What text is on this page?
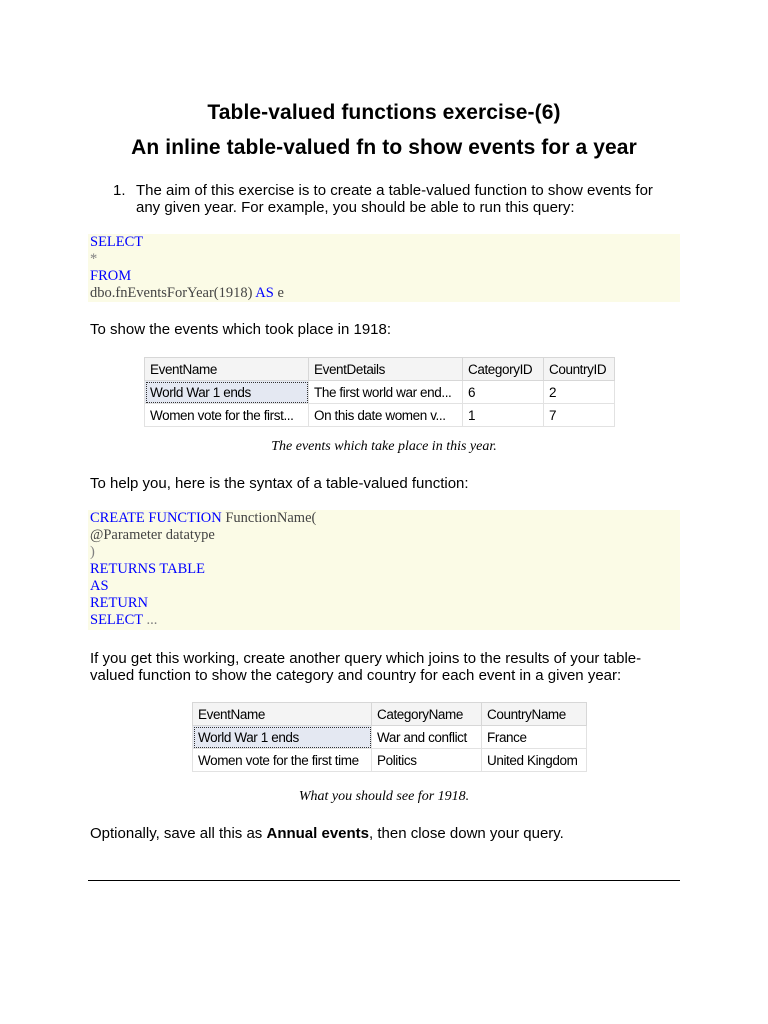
Table-valued functions exercise-(6)
An inline table-valued fn to show events for a year
1. The aim of this exercise is to create a table-valued function to show events for
any given year. For example, you should be able to run this query:
SELECT
*
FROM
dbo.fnEventsForYear(1918) AS e
To show the events which took place in 1918:
EventName	EventDetails	CategoryID	CountryID
World War 1 ends	The first world war end...	6	2
Women vote for the first...	On this date women v...	1	7
The events which take place in this year.
To help you, here is the syntax of a table-valued function:
CREATE FUNCTION FunctionName(
@Parameter datatype
)
RETURNS TABLE
AS
RETURN
SELECT ...
If you get this working, create another query which joins to the results of your table-
valued function to show the category and country for each event in a given year:
EventName	CategoryName	CountryName
World War 1 ends	War and conflict	France
Women vote for the first time	Politics	United Kingdom
What you should see for 1918.
Optionally, save all this as Annual events, then close down your query.
